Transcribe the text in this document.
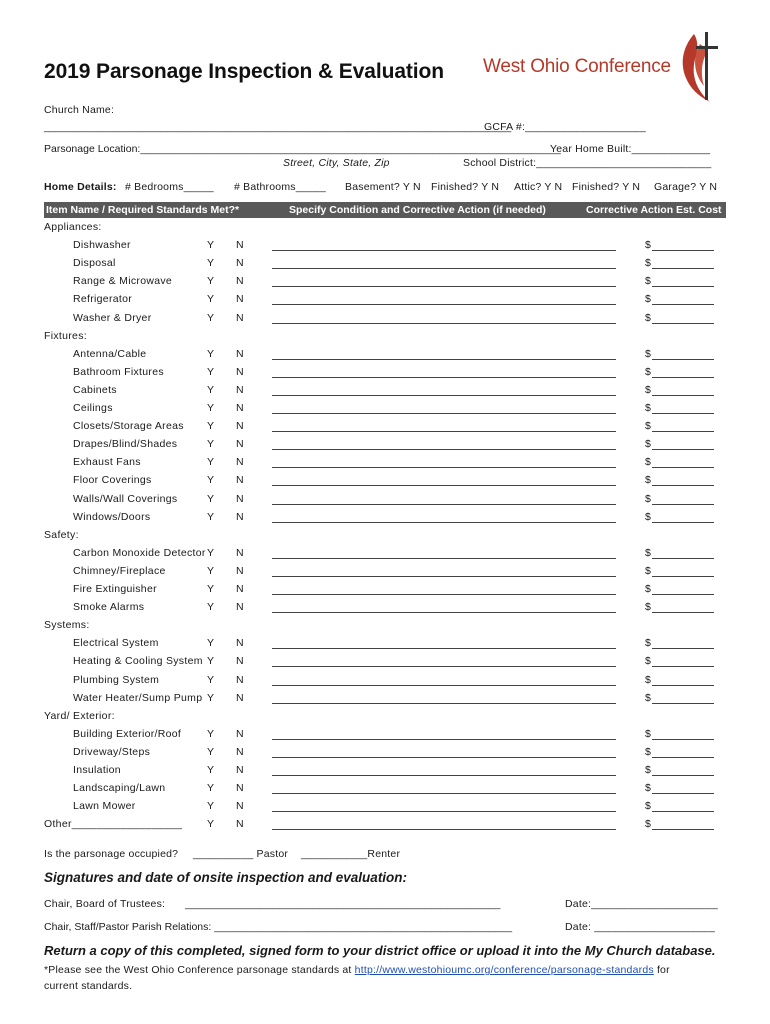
2019 Parsonage Inspection & Evaluation West Ohio Conference
Church Name:
________________________________________________________________________________
GCFA #:____________________
Parsonage Location:________________________________________________________________________
Year Home Built:_____________
Street, City, State, Zip	School District:_____________________________
Home Details: # Bedrooms_____ # Bathrooms_____ Basement? Y N Finished? Y N Attic? Y N Finished? Y N Garage? Y N
Item Name / Required Standards Met?*	Specify Condition and Corrective Action (if needed)	Corrective Action Est. Cost
Appliances:
Dishwasher	Y N	$
Disposal	Y N	$
Range & Microwave	Y N	$
Refrigerator	Y N	$
Washer & Dryer	Y N	$
Fixtures:
Antenna/Cable	Y N	$
Bathroom Fixtures	Y N	$
Cabinets	Y N	$
Ceilings	Y N	$
Closets/Storage Areas Y N	$
Drapes/Blind/Shades	Y N	$
Exhaust Fans	Y N	$
Floor Coverings	Y N	$
Walls/Wall Coverings	Y N	$
Windows/Doors	Y N	$
Safety:
Carbon Monoxide Detector Y N	$
Chimney/Fireplace	Y N	$
Fire Extinguisher	Y N	$
Smoke Alarms	Y N	$
Systems:
Electrical System	Y N	$
Heating & Cooling System Y N	$
Plumbing System	Y N	$
Water Heater/Sump Pump Y N	$
Yard/ Exterior:
Building Exterior/Roof Y N	$
Driveway/Steps	Y N	$
Insulation	Y N	$
Landscaping/Lawn	Y N	$
Lawn Mower	Y N	$
Other__________________ Y N	$
Is the parsonage occupied? __________ Pastor ___________Renter
Signatures and date of onsite inspection and evaluation:
Chair, Board of Trustees: ______________________________________________________	Date:_____________________
Chair, Staff/Pastor Parish Relations: ___________________________________________________	Date: ____________________
Return a copy of this completed, signed form to your district office or upload it into the My Church database.
*Please see the West Ohio Conference parsonage standards at http://www.westohioumc.org/conference/parsonage-standards for
current standards.
